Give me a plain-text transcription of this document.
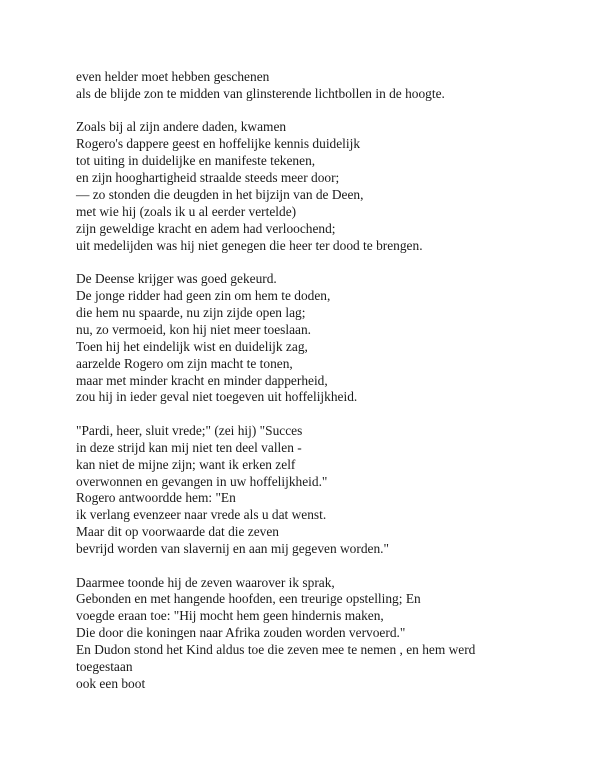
even helder moet hebben geschenen
als de blijde zon te midden van glinsterende lichtbollen in de hoogte.
Zoals bij al zijn andere daden, kwamen
Rogero's dappere geest en hoffelijke kennis duidelijk
tot uiting in duidelijke en manifeste tekenen,
en zijn hooghartigheid straalde steeds meer door;
— zo stonden die deugden in het bijzijn van de Deen,
met wie hij (zoals ik u al eerder vertelde)
zijn geweldige kracht en adem had verloochend;
uit medelijden was hij niet genegen die heer ter dood te brengen.
De Deense krijger was goed gekeurd.
De jonge ridder had geen zin om hem te doden,
die hem nu spaarde, nu zijn zijde open lag;
nu, zo vermoeid, kon hij niet meer toeslaan.
Toen hij het eindelijk wist en duidelijk zag,
aarzelde Rogero om zijn macht te tonen,
maar met minder kracht en minder dapperheid,
zou hij in ieder geval niet toegeven uit hoffelijkheid.
"Pardi, heer, sluit vrede;" (zei hij) "Succes
in deze strijd kan mij niet ten deel vallen -
kan niet de mijne zijn; want ik erken zelf
overwonnen en gevangen in uw hoffelijkheid."
Rogero antwoordde hem: "En
ik verlang evenzeer naar vrede als u dat wenst.
Maar dit op voorwaarde dat die zeven
bevrijd worden van slavernij en aan mij gegeven worden."
Daarmee toonde hij de zeven waarover ik sprak,
Gebonden en met hangende hoofden, een treurige opstelling; En
voegde eraan toe: "Hij mocht hem geen hindernis maken,
Die door die koningen naar Afrika zouden worden vervoerd."
En Dudon stond het Kind aldus toe die zeven mee te nemen , en hem werd
toegestaan
ook een boot
